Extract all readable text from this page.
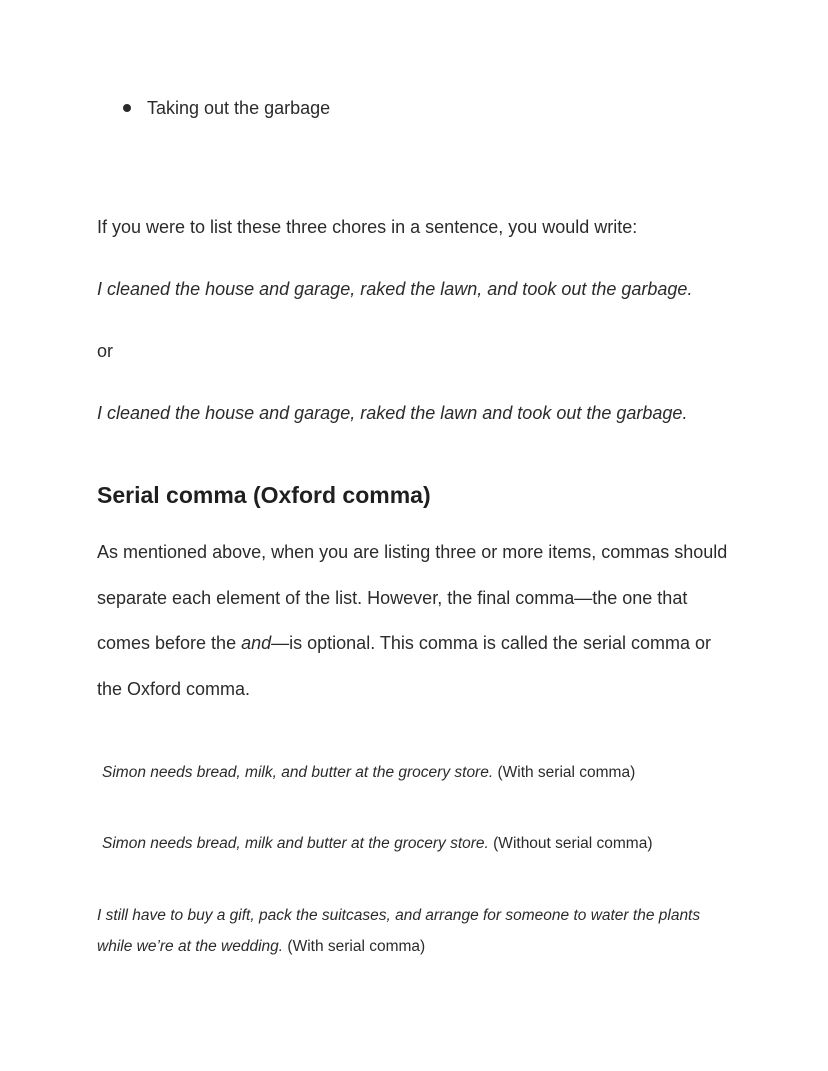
Taking out the garbage

If you were to list these three chores in a sentence, you would write:

I cleaned the house and garage, raked the lawn, and took out the garbage.

or

I cleaned the house and garage, raked the lawn and took out the garbage.

Serial comma (Oxford comma)

As mentioned above, when you are listing three or more items, commas should separate each element of the list. However, the final comma—the one that comes before the and—is optional. This comma is called the serial comma or the Oxford comma.

Simon needs bread, milk, and butter at the grocery store. (With serial comma)

Simon needs bread, milk and butter at the grocery store. (Without serial comma)

I still have to buy a gift, pack the suitcases, and arrange for someone to water the plants while we’re at the wedding. (With serial comma)
